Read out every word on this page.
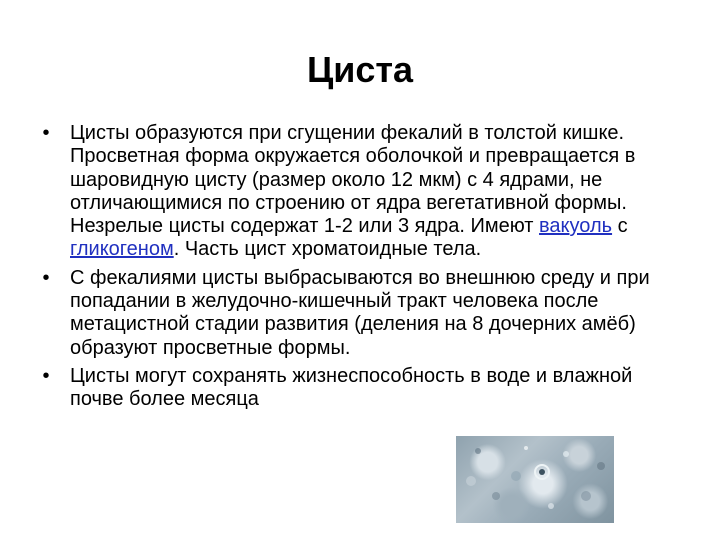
Циста
•	Цисты образуются при сгущении фекалий в толстой кишке. Просветная форма окружается оболочкой и превращается в шаровидную цисту (размер около 12 мкм) с 4 ядрами, не отличающимися по строению от ядра вегетативной формы. Незрелые цисты содержат 1-2 или 3 ядра. Имеют вакуоль с гликогеном. Часть цист хроматоидные тела.
•	С фекалиями цисты выбрасываются во внешнюю среду и при попадании в желудочно-кишечный тракт человека после метацистной стадии развития (деления на 8 дочерних амёб) образуют просветные формы.
•	Цисты могут сохранять жизнеспособность в воде и влажной почве более месяца
